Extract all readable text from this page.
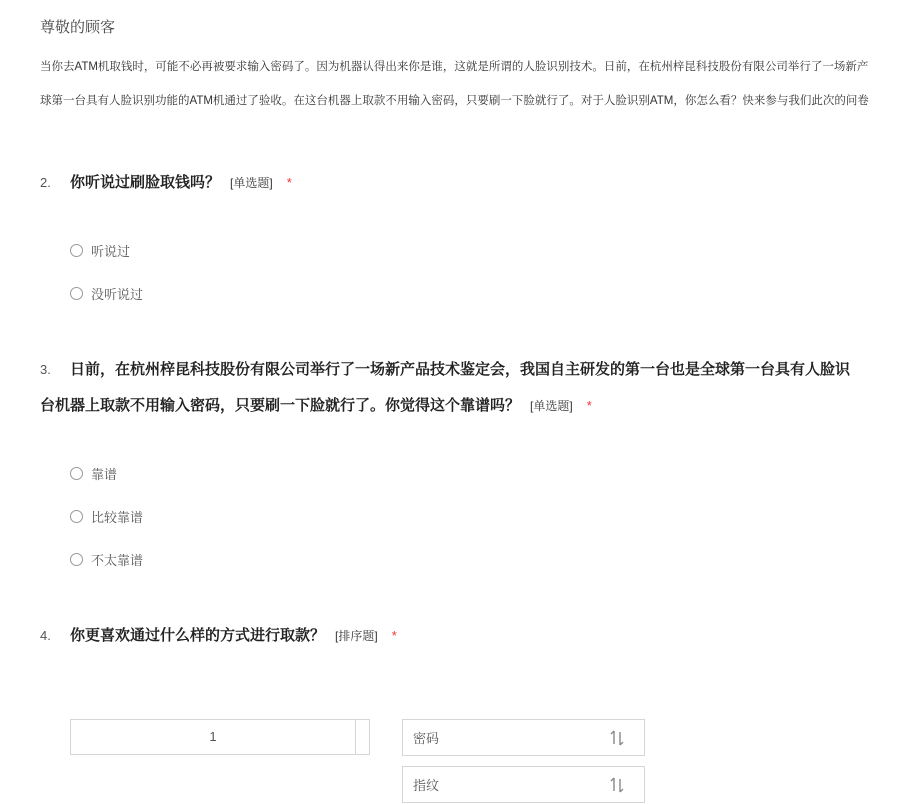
尊敬的顾客
当你去ATM机取钱时，可能不必再被要求输入密码了。因为机器认得出来你是谁，这就是所谓的人脸识别技术。日前，在杭州梓昆科技股份有限公司举行了一场新产
球第一台具有人脸识别功能的ATM机通过了验收。在这台机器上取款不用输入密码，只要刷一下脸就行了。对于人脸识别ATM，你怎么看？快来参与我们此次的问卷
2. 你听说过刷脸取钱吗？ [单选题] *
听说过
没听说过
3. 日前，在杭州梓昆科技股份有限公司举行了一场新产品技术鉴定会，我国自主研发的第一台也是全球第一台具有人脸识
台机器上取款不用输入密码，只要刷一下脸就行了。你觉得这个靠谱吗？ [单选题] *
靠谱
比较靠谱
不太靠谱
4. 你更喜欢通过什么样的方式进行取款？ [排序题] *
1	密码
指纹
